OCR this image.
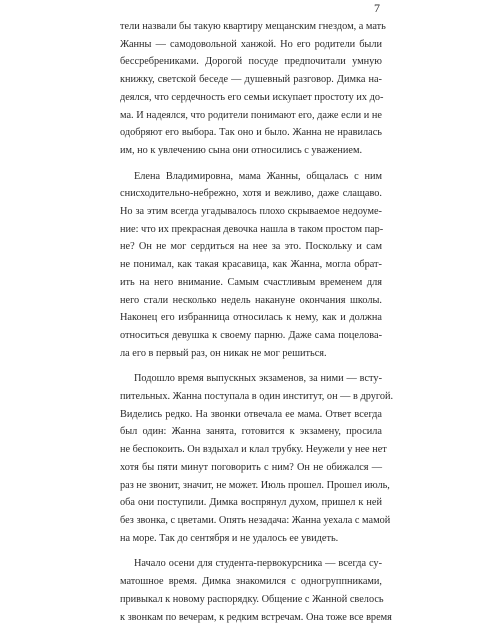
7
тели назвали бы такую квартиру мещанским гнездом, а мать
Жанны — самодовольной ханжой. Но его родители были
бессребрениками. Дорогой посуде предпочитали умную
книжку, светской беседе — душевный разговор. Димка на-
деялся, что сердечность его семьи искупает простоту их до-
ма. И надеялся, что родители понимают его, даже если и не
одобряют его выбора. Так оно и было. Жанна не нравилась
им, но к увлечению сына они относились с уважением.
Елена Владимировна, мама Жанны, общалась с ним
снисходительно-небрежно, хотя и вежливо, даже слащаво.
Но за этим всегда угадывалось плохо скрываемое недоуме-
ние: что их прекрасная девочка нашла в таком простом пар-
не? Он не мог сердиться на нее за это. Поскольку и сам
не понимал, как такая красавица, как Жанна, могла обрат-
ить на него внимание. Самым счастливым временем для
него стали несколько недель накануне окончания школы.
Наконец его избранница относилась к нему, как и должна
относиться девушка к своему парню. Даже сама поцелова-
ла его в первый раз, он никак не мог решиться.
Подошло время выпускных экзаменов, за ними — всту-
пительных. Жанна поступала в один институт, он — в другой.
Виделись редко. На звонки отвечала ее мама. Ответ всегда
был один: Жанна занята, готовится к экзамену, просила
не беспокоить. Он вздыхал и клал трубку. Неужели у нее нет
хотя бы пяти минут поговорить с ним? Он не обижался —
раз не звонит, значит, не может. Июль прошел. Прошел июль,
оба они поступили. Димка воспрянул духом, пришел к ней
без звонка, с цветами. Опять незадача: Жанна уехала с мамой
на море. Так до сентября и не удалось ее увидеть.
Начало осени для студента-первокурсника — всегда су-
матошное время. Димка знакомился с одногруппниками,
привыкал к новому распорядку. Общение с Жанной свелось
к звонкам по вечерам, к редким встречам. Она тоже все время
